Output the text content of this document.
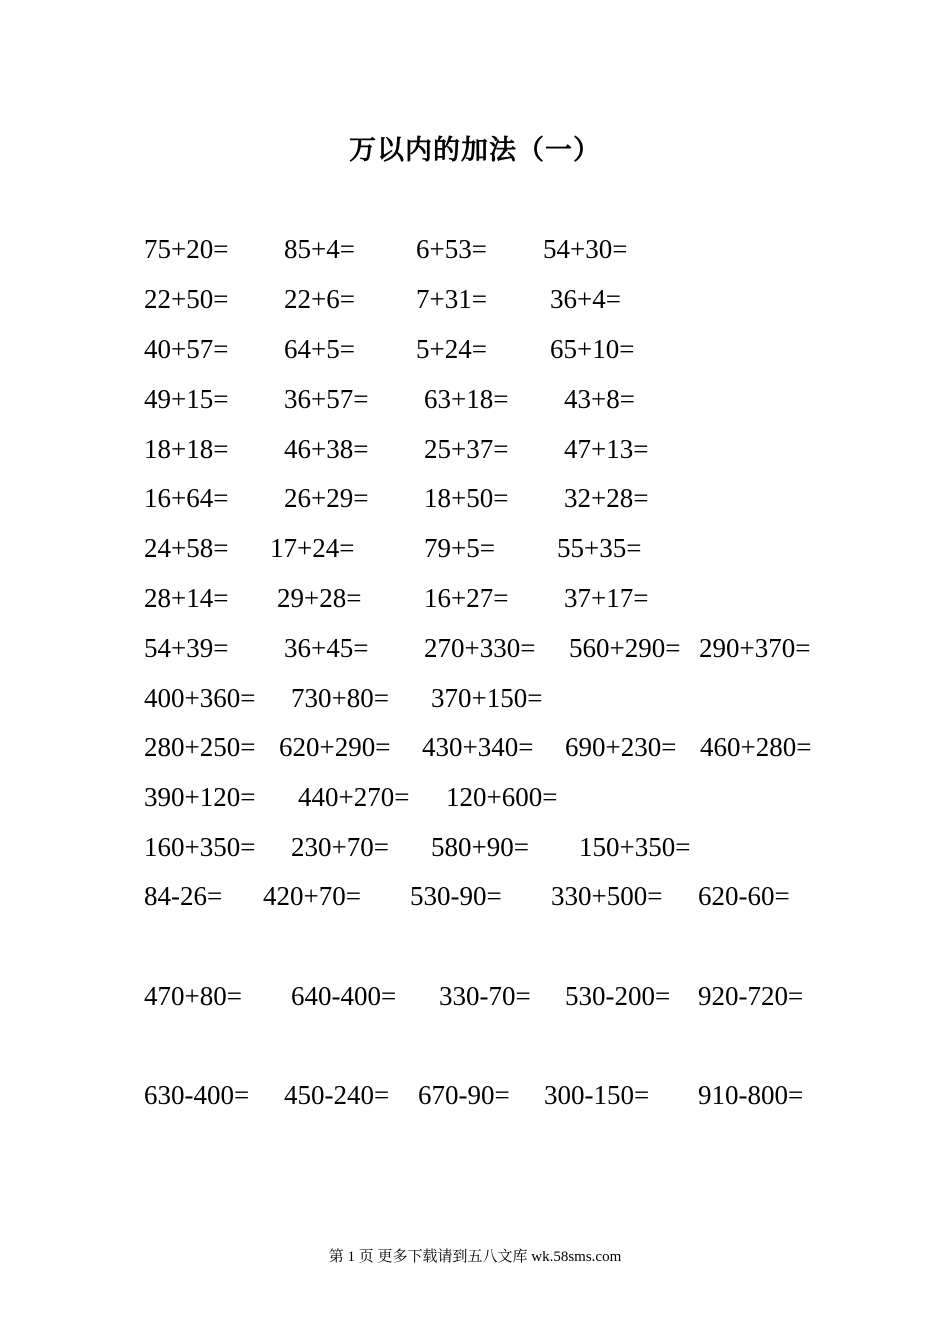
万以内的加法（一）
75+20= 85+4= 6+53= 54+30=
22+50= 22+6= 7+31= 36+4=
40+57= 64+5= 5+24= 65+10=
49+15= 36+57= 63+18= 43+8=
18+18= 46+38= 25+37= 47+13=
16+64= 26+29= 18+50= 32+28=
24+58= 17+24=	79+5= 55+35=
28+14= 29+28= 16+27= 37+17=
54+39= 36+45= 270+330= 560+290= 290+370=
400+360= 730+80= 370+150=
280+250= 620+290= 430+340= 690+230= 460+280=
390+120= 440+270= 120+600=
160+350= 230+70= 580+90= 150+350=
84-26= 420+70= 530-90= 330+500= 620-60=
470+80= 640-400= 330-70= 530-200= 920-720=
630-400= 450-240= 670-90= 300-150= 910-800=
第 1 页 更多下载请到五八文库 wk.58sms.com
